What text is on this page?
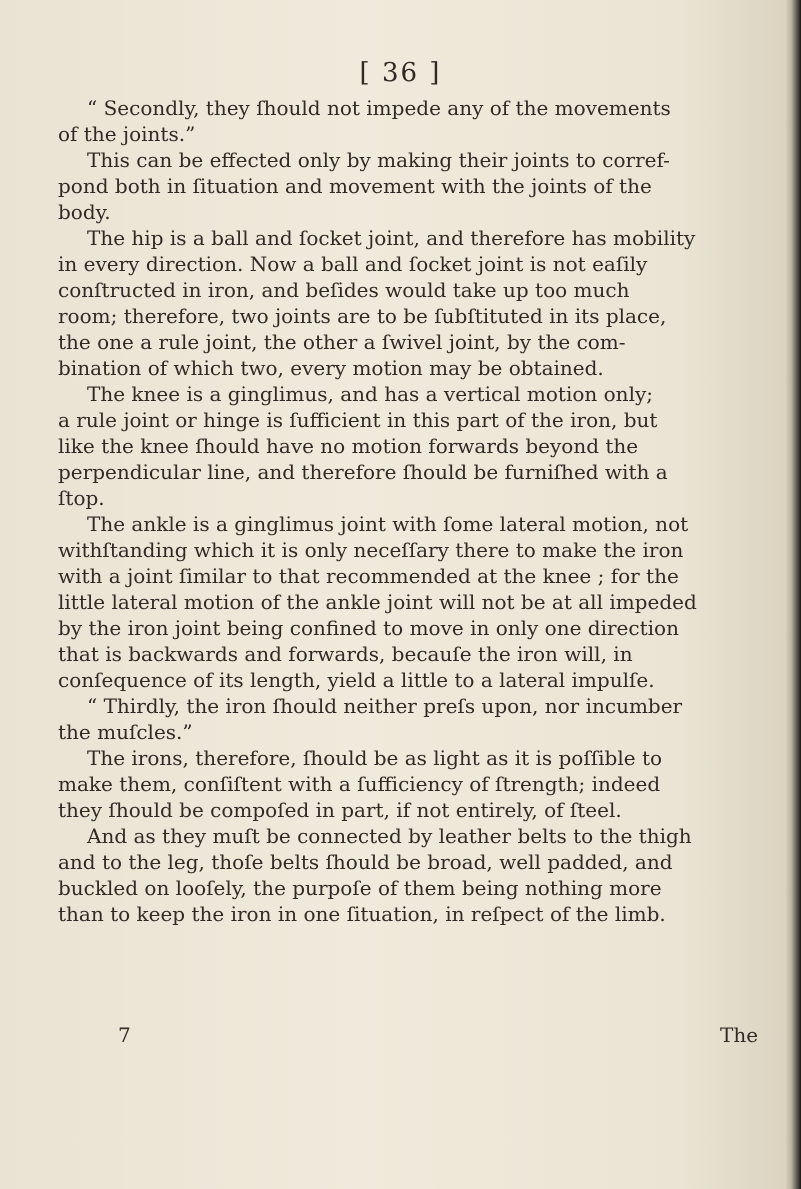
[ 36 ]
“ Secondly, they ſhould not impede any of the movements
of the joints.”
This can be effected only by making their joints to corref-
pond both in ſituation and movement with the joints of the
body.
The hip is a ball and ſocket joint, and therefore has mobility
in every direction. Now a ball and ſocket joint is not eaſily
conſtructed in iron, and beſides would take up too much
room; therefore, two joints are to be ſubſtituted in its place,
the one a rule joint, the other a ſwivel joint, by the com-
bination of which two, every motion may be obtained.
The knee is a ginglimus, and has a vertical motion only;
a rule joint or hinge is ſufficient in this part of the iron, but
like the knee ſhould have no motion forwards beyond the
perpendicular line, and therefore ſhould be furniſhed with a
ſtop.
The ankle is a ginglimus joint with ſome lateral motion, not
withſtanding which it is only neceſſary there to make the iron
with a joint ſimilar to that recommended at the knee ; for the
little lateral motion of the ankle joint will not be at all impeded
by the iron joint being confined to move in only one direction
that is backwards and forwards, becauſe the iron will, in
conſequence of its length, yield a little to a lateral impulſe.
“ Thirdly, the iron ſhould neither preſs upon, nor incumber
the muſcles.”
The irons, therefore, ſhould be as light as it is poſſible to
make them, conſiſtent with a ſufficiency of ſtrength; indeed
they ſhould be compoſed in part, if not entirely, of ſteel.
And as they muſt be connected by leather belts to the thigh
and to the leg, thoſe belts ſhould be broad, well padded, and
buckled on looſely, the purpoſe of them being nothing more
than to keep the iron in one ſituation, in reſpect of the limb.
7	The
